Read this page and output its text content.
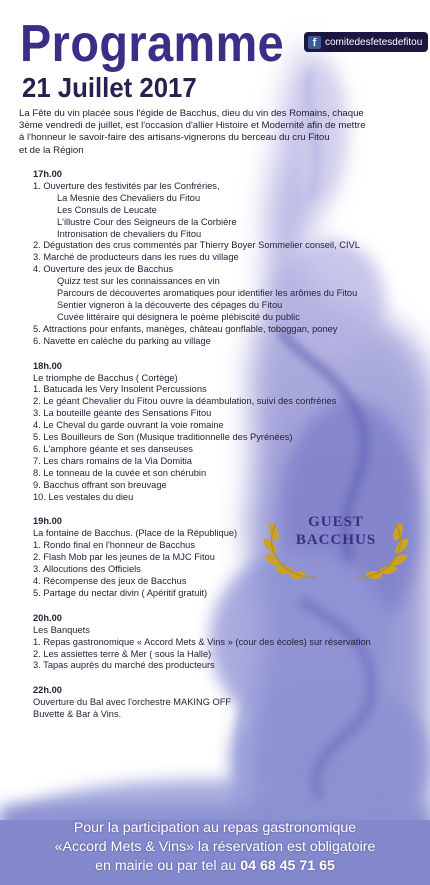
Programme
21 Juillet 2017
f comitedesfetesdefitou
La Fête du vin placée sous l'égide de Bacchus, dieu du vin des Romains, chaque
3ème vendredi de juillet, est l'occasion d'allier Histoire et Modernité afin de mettre
à l'honneur le savoir-faire des artisans-vignerons du berceau du cru Fitou
et de la Région
17h.00
1. Ouverture des festivités par les Confréries,
La Mesnie des Chevaliers du Fitou
Les Consuls de Leucate
L'illustre Cour des Seigneurs de la Corbière
Intronisation de chevaliers du Fitou
2. Dégustation des crus commentés par Thierry Boyer Sommelier conseil, CIVL
3. Marché de producteurs dans les rues du village
4. Ouverture des jeux de Bacchus
Quizz test sur les connaissances en vin
Parcours de découvertes aromatiques pour identifier les arômes du Fitou
Sentier vigneron à la découverte des cépages du Fitou
Cuvée littéraire qui désignera le poème plébiscité du public
5. Attractions pour enfants, manèges, château gonflable, toboggan, poney
6. Navette en calèche du parking au village
18h.00
Le triomphe de Bacchus ( Cortège)
1. Batucada les Very Insolent Percussions
2. Le géant Chevalier du Fitou ouvre la déambulation, suivi des confréries
3. La bouteille géante des Sensations Fitou
4. Le Cheval du garde ouvrant la voie romaine
5. Les Bouilleurs de Son (Musique traditionnelle des Pyrénées)
6. L'amphore géante et ses danseuses
7. Les chars romains de la Via Domitia
8. Le tonneau de la cuvée et son chérubin
9. Bacchus offrant son breuvage
10. Les vestales du dieu
19h.00
La fontaine de Bacchus. (Place de la République)
1. Rondo final en l'honneur de Bacchus
2. Flash Mob par les jeunes de la MJC Fitou
3. Allocutions des Officiels
4. Récompense des jeux de Bacchus
5. Partage du nectar divin ( Apéritif gratuit)
20h.00
Les Banquets
1. Repas gastronomique « Accord Mets & Vins » (cour des écoles) sur réservation
2. Les assiettes terre & Mer ( sous la Halle)
3. Tapas auprès du marché des producteurs
22h.00
Ouverture du Bal avec l'orchestre MAKING OFF
Buvette & Bar à Vins.
GUEST
BACCHUS
Pour la participation au repas gastronomique
«Accord Mets & Vins» la réservation est obligatoire
en mairie ou par tel au 04 68 45 71 65
